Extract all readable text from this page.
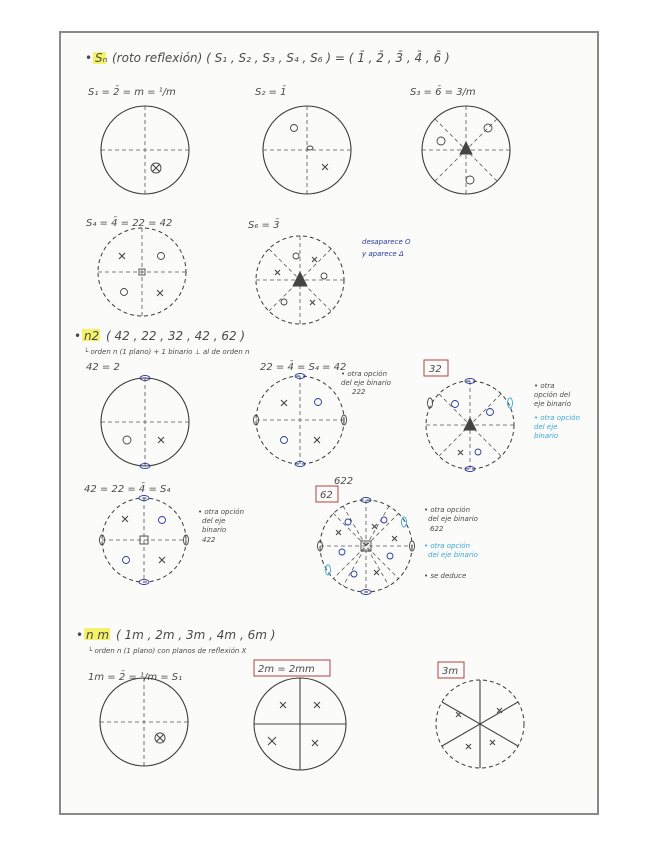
• Sₙ (roto reflexión) ( S₁ , S₂ , S₃ , S₄ , S₆ ) = ( 1̄ , 2̄ , 3̄ , 4̄ , 6̄ )
S₁ = 2̄ = m = ¹/m	S₂ = 1̄	S₃ = 6̄ = 3/m
S₄ = 4̄ = 22 = 42	S₆ = 3̄
desaparece O
y aparece Δ
• n2 ( 42 , 22 , 32 , 42 , 62 )
└ orden n (1 plano) + 1 binario ⊥ al de orden n
42 = 2	22 = 4̄ = S₄ = 42	32
• otra opción
del eje binario
222
• otra
opción del
eje binario
• otra opción
del eje
binario
42 = 22 = 4̄ = S₄
622
62
• otra opción
del eje
binario
422
• otra opción
del eje binario
622
• otra opción
del eje binario
• se deduce
• n m ( 1m , 2m , 3m , 4m , 6m )
└ orden n (1 plano) con planos de reflexión X
1m = 2̄ = ¹/m = S₁
2m = 2mm	3m
